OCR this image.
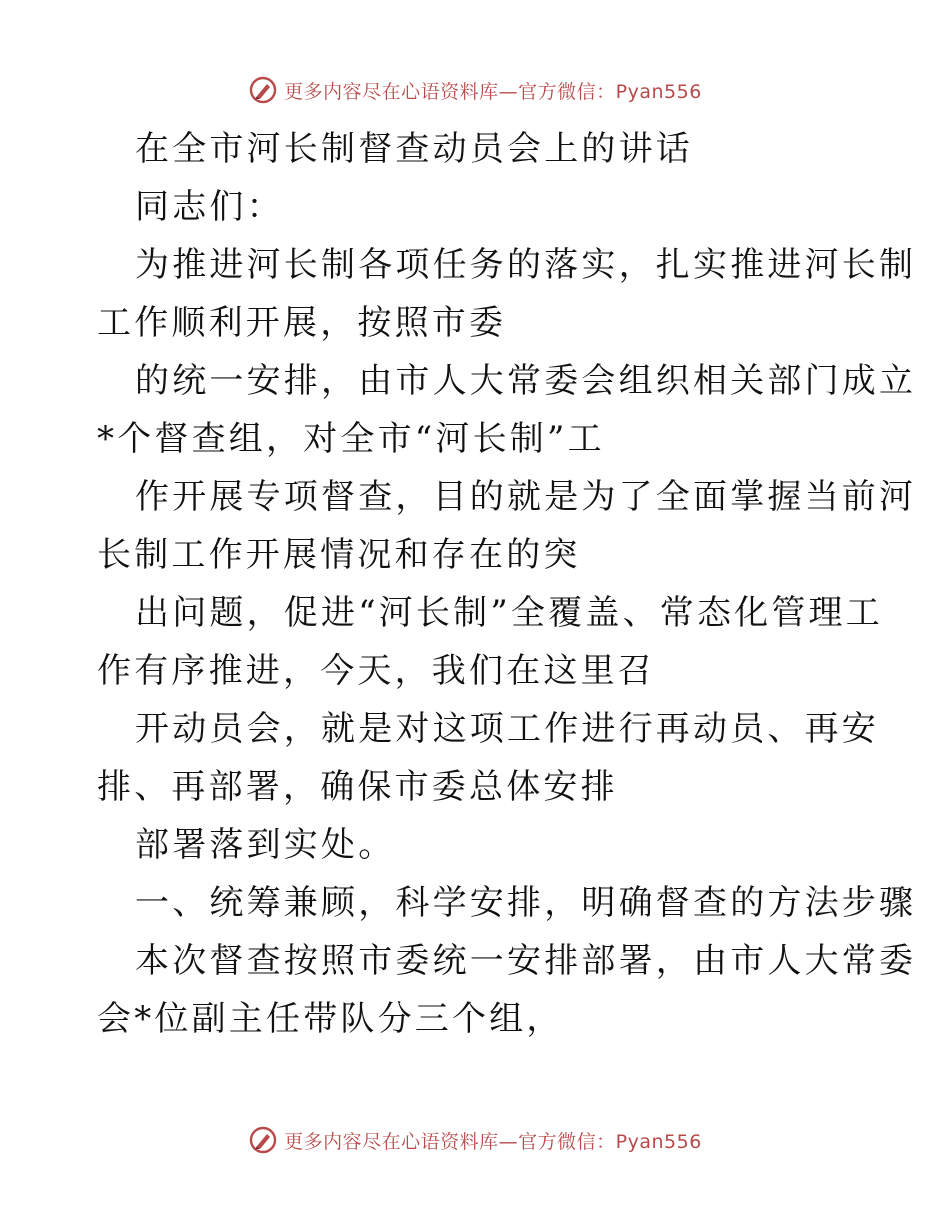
更多内容尽在心语资料库—官方微信：Pyan556
在全市河长制督查动员会上的讲话
同志们：
为推进河长制各项任务的落实，扎实推进河长制
工作顺利开展，按照市委
的统一安排，由市人大常委会组织相关部门成立
*个督查组，对全市“河长制”工
作开展专项督查，目的就是为了全面掌握当前河
长制工作开展情况和存在的突
出问题，促进“河长制”全覆盖、常态化管理工
作有序推进，今天，我们在这里召
开动员会，就是对这项工作进行再动员、再安
排、再部署，确保市委总体安排
部署落到实处。
一、统筹兼顾，科学安排，明确督查的方法步骤
本次督查按照市委统一安排部署，由市人大常委
会*位副主任带队分三个组，
更多内容尽在心语资料库—官方微信：Pyan556
